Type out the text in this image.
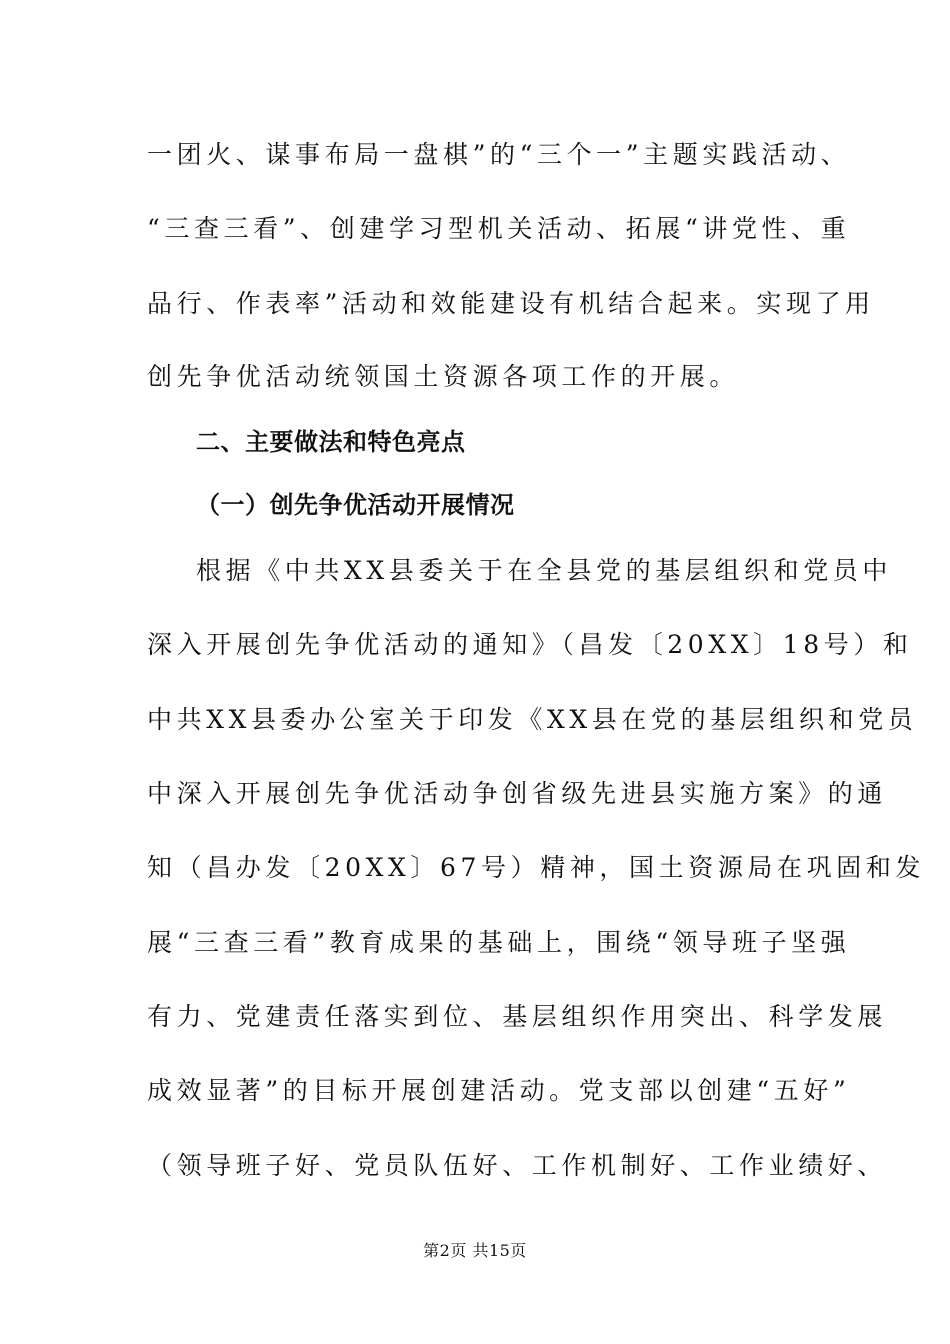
一团火、谋事布局一盘棋”的“三个一”主题实践活动、
“三查三看”、创建学习型机关活动、拓展“讲党性、重
品行、作表率”活动和效能建设有机结合起来。实现了用
创先争优活动统领国土资源各项工作的开展。
二、主要做法和特色亮点
（一）创先争优活动开展情况
根据《中共XX县委关于在全县党的基层组织和党员中
深入开展创先争优活动的通知》（昌发〔20XX〕18号）和
中共XX县委办公室关于印发《XX县在党的基层组织和党员
中深入开展创先争优活动争创省级先进县实施方案》的通
知（昌办发〔20XX〕67号）精神，国土资源局在巩固和发
展“三查三看”教育成果的基础上，围绕“领导班子坚强
有力、党建责任落实到位、基层组织作用突出、科学发展
成效显著”的目标开展创建活动。党支部以创建“五好”
（领导班子好、党员队伍好、工作机制好、工作业绩好、
第2页 共15页
